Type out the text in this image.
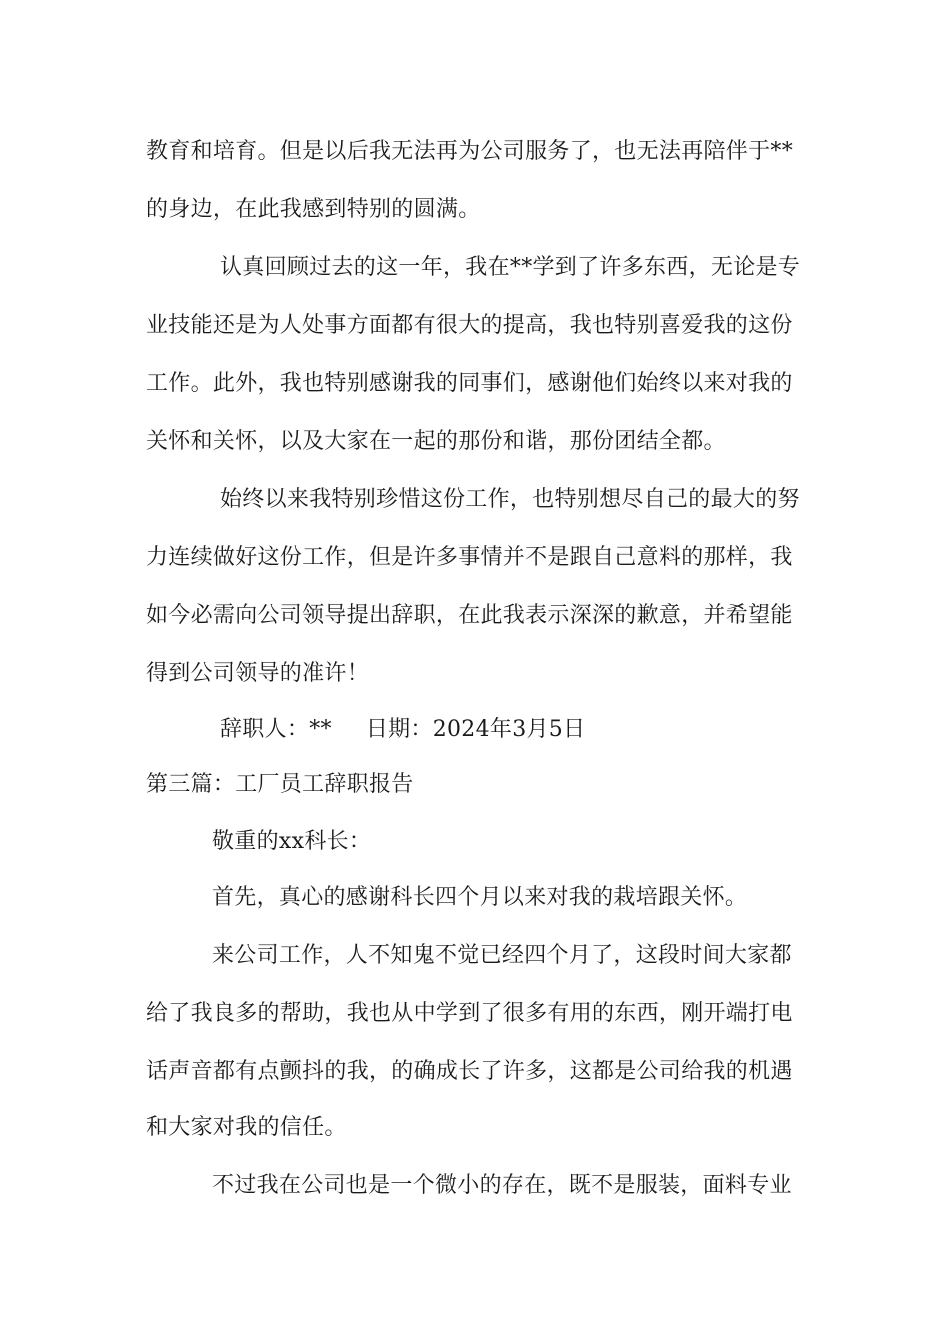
教育和培育。但是以后我无法再为公司服务了，也无法再陪伴于**
的身边，在此我感到特别的圆满。
认真回顾过去的这一年，我在**学到了许多东西，无论是专
业技能还是为人处事方面都有很大的提高，我也特别喜爱我的这份
工作。此外，我也特别感谢我的同事们，感谢他们始终以来对我的
关怀和关怀，以及大家在一起的那份和谐，那份团结全都。
始终以来我特别珍惜这份工作，也特别想尽自己的最大的努
力连续做好这份工作，但是许多事情并不是跟自己意料的那样，我
如今必需向公司领导提出辞职，在此我表示深深的歉意，并希望能
得到公司领导的准许！
辞职人：** 日期：2024年3月5日
第三篇：工厂员工辞职报告
敬重的xx科长：
首先，真心的感谢科长四个月以来对我的栽培跟关怀。
来公司工作，人不知鬼不觉已经四个月了，这段时间大家都
给了我良多的帮助，我也从中学到了很多有用的东西，刚开端打电
话声音都有点颤抖的我，的确成长了许多，这都是公司给我的机遇
和大家对我的信任。
不过我在公司也是一个微小的存在，既不是服装，面料专业
